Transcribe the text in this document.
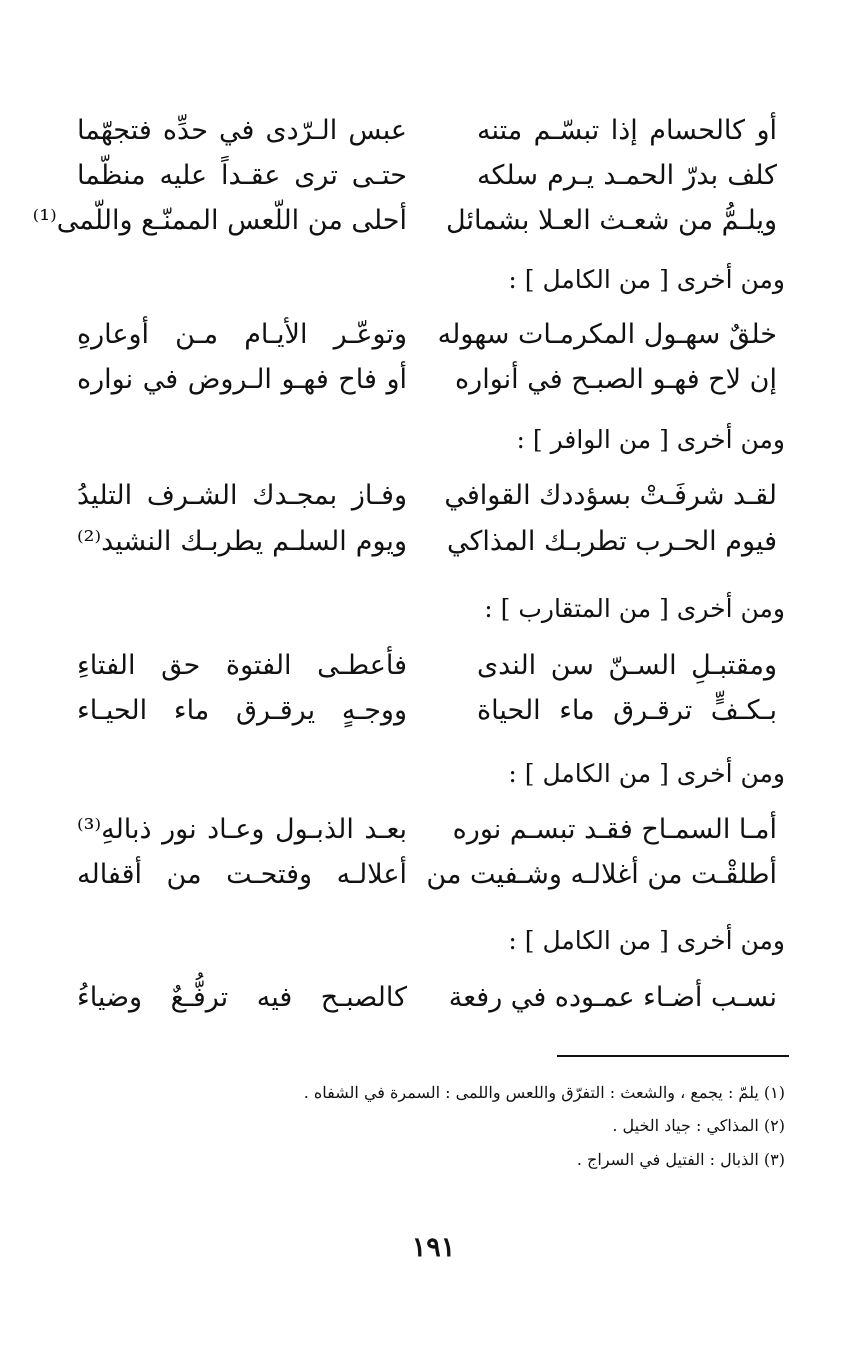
أو كالحسام إذا تبسّـم متنه
عبس الـرّدى في حدِّه فتجهّما
كلف بدرّ الحمـد يـرم سلكه
حتـى ترى عقـداً عليه منظّما
ويلـمُّ من شعـث العـلا بشمائل
أحلى من اللّعس الممنّـع واللّمى⁽¹⁾
ومن أخرى [ من الكامل ] :
خلقٌ سهـول المكرمـات سهوله
وتوعّـر الأيـام مـن أوعارهِ
إن لاح فهـو الصبـح في أنواره
أو فاح فهـو الـروض في نواره
ومن أخرى [ من الوافر ] :
لقـد شرفَـتْ بسؤددك القوافي
وفـاز بمجـدك الشـرف التليدُ
فيوم الحـرب تطربـك المذاكي
ويوم السلـم يطربـك النشيد⁽²⁾
ومن أخرى [ من المتقارب ] :
ومقتبـلِ السـنّ سن الندى
فأعطـى الفتوة حق الفتاءِ
بـكـفٍّ ترقـرق ماء الحياة
ووجـهٍ يرقـرق ماء الحيـاء
ومن أخرى [ من الكامل ] :
أمـا السمـاح فقـد تبسـم نوره
بعـد الذبـول وعـاد نور ذبالهِ⁽³⁾
أطلقْـت من أغلالـه وشـفيت من
أعلالـه وفتحـت من أقفاله
ومن أخرى [ من الكامل ] :
نسـب أضـاء عمـوده في رفعة
كالصبـح فيه ترفُّـعٌ وضياءُ
(١) يلمّ : يجمع ، والشعث : التفرّق واللعس واللمى : السمرة في الشفاه .
(٢) المذاكي : جياد الخيل .
(٣) الذبال : الفتيل في السراج .
١٩١
